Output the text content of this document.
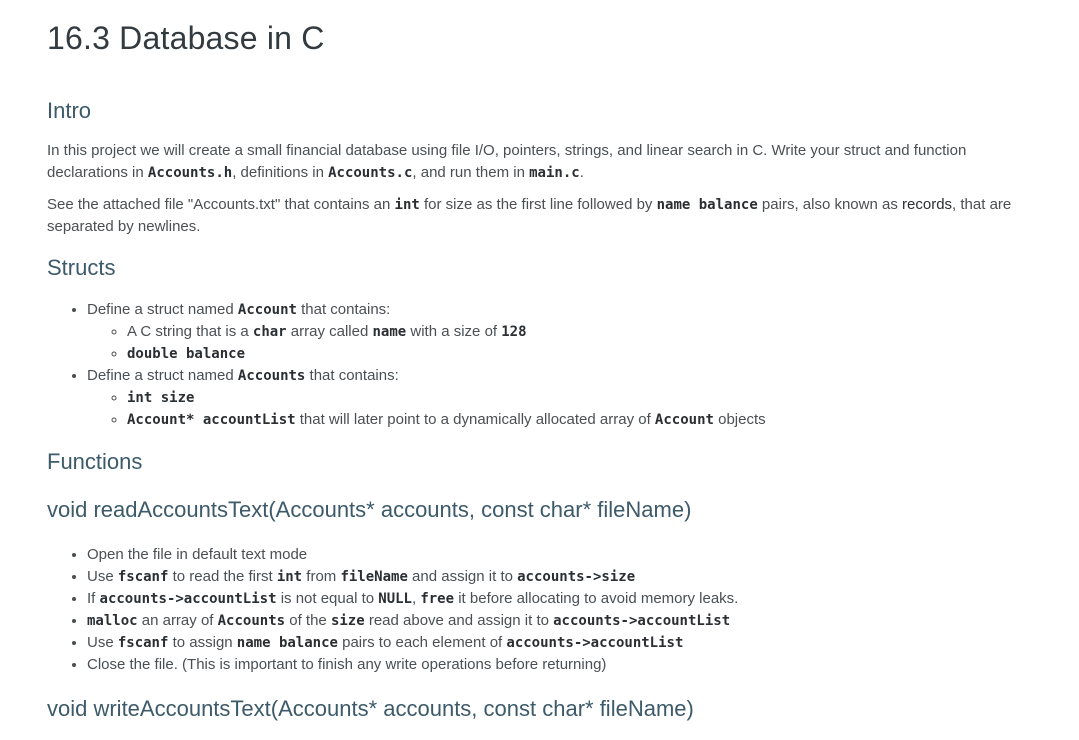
16.3 Database in C
Intro

In this project we will create a small financial database using file I/O, pointers, strings, and linear search in C. Write your struct and function declarations in Accounts.h, definitions in Accounts.c, and run them in main.c.

See the attached file "Accounts.txt" that contains an int for size as the first line followed by name balance pairs, also known as records, that are separated by newlines.

Structs
• Define a struct named Account that contains:
◦ A C string that is a char array called name with a size of 128
◦ double balance
• Define a struct named Accounts that contains:
◦ int size
◦ Account* accountList that will later point to a dynamically allocated array of Account objects
Functions
void readAccountsText(Accounts* accounts, const char* fileName)
• Open the file in default text mode
• Use fscanf to read the first int from fileName and assign it to accounts->size
• If accounts->accountList is not equal to NULL, free it before allocating to avoid memory leaks.
• malloc an array of Accounts of the size read above and assign it to accounts->accountList
• Use fscanf to assign name balance pairs to each element of accounts->accountList
• Close the file. (This is important to finish any write operations before returning)
void writeAccountsText(Accounts* accounts, const char* fileName)
